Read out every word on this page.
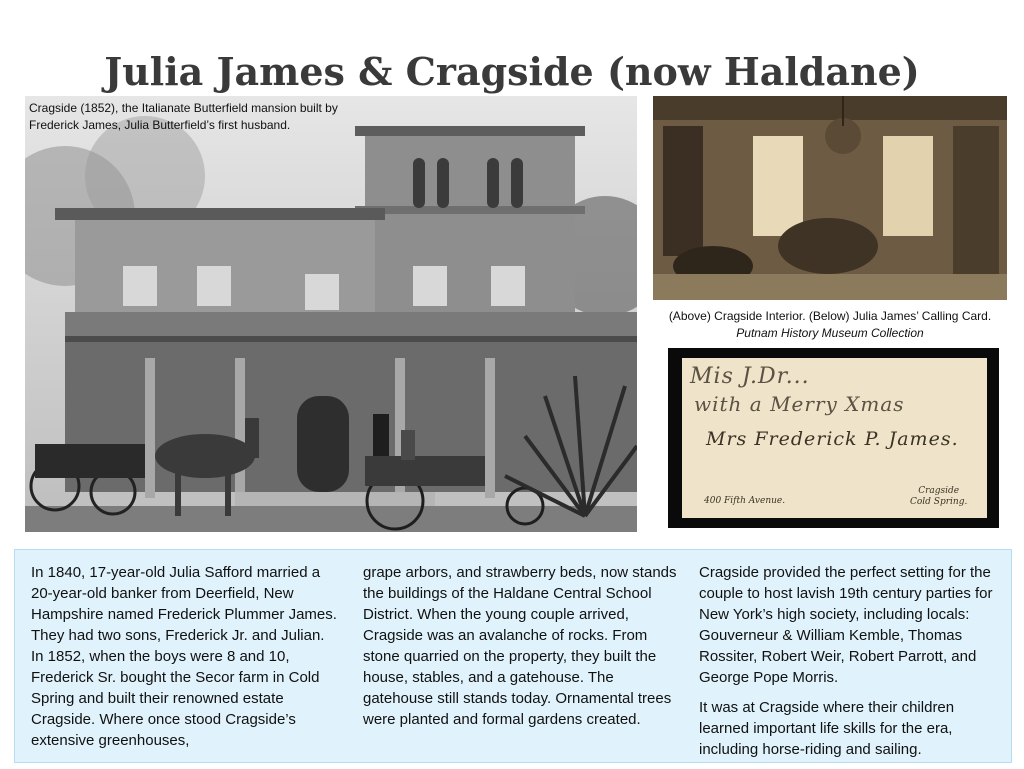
Julia James & Cragside (now Haldane)
Cragside (1852), the Italianate Butterfield mansion built by Frederick James, Julia Butterfield’s first husband.
(Above) Cragside Interior. (Below) Julia James’ Calling Card.
Putnam History Museum Collection
Mis J.Dr...
with a Merry Xmas
Mrs Frederick P. James.
400 Fifth Avenue.
Cragside
Cold Spring.

In 1840, 17-year-old Julia Safford married a 20-year-old banker from Deerfield, New Hampshire named Frederick Plummer James. They had two sons, Frederick Jr. and Julian. In 1852, when the boys were 8 and 10, Frederick Sr. bought the Secor farm in Cold Spring and built their renowned estate Cragside. Where once stood Cragside’s extensive greenhouses,

grape arbors, and strawberry beds, now stands the buildings of the Haldane Central School District. When the young couple arrived, Cragside was an avalanche of rocks. From stone quarried on the property, they built the house, stables, and a gatehouse. The gatehouse still stands today. Ornamental trees were planted and formal gardens created.

Cragside provided the perfect setting for the couple to host lavish 19th century parties for New York’s high society, including locals: Gouverneur & William Kemble, Thomas Rossiter, Robert Weir, Robert Parrott, and George Pope Morris.

It was at Cragside where their children learned important life skills for the era, including horse-riding and sailing.
